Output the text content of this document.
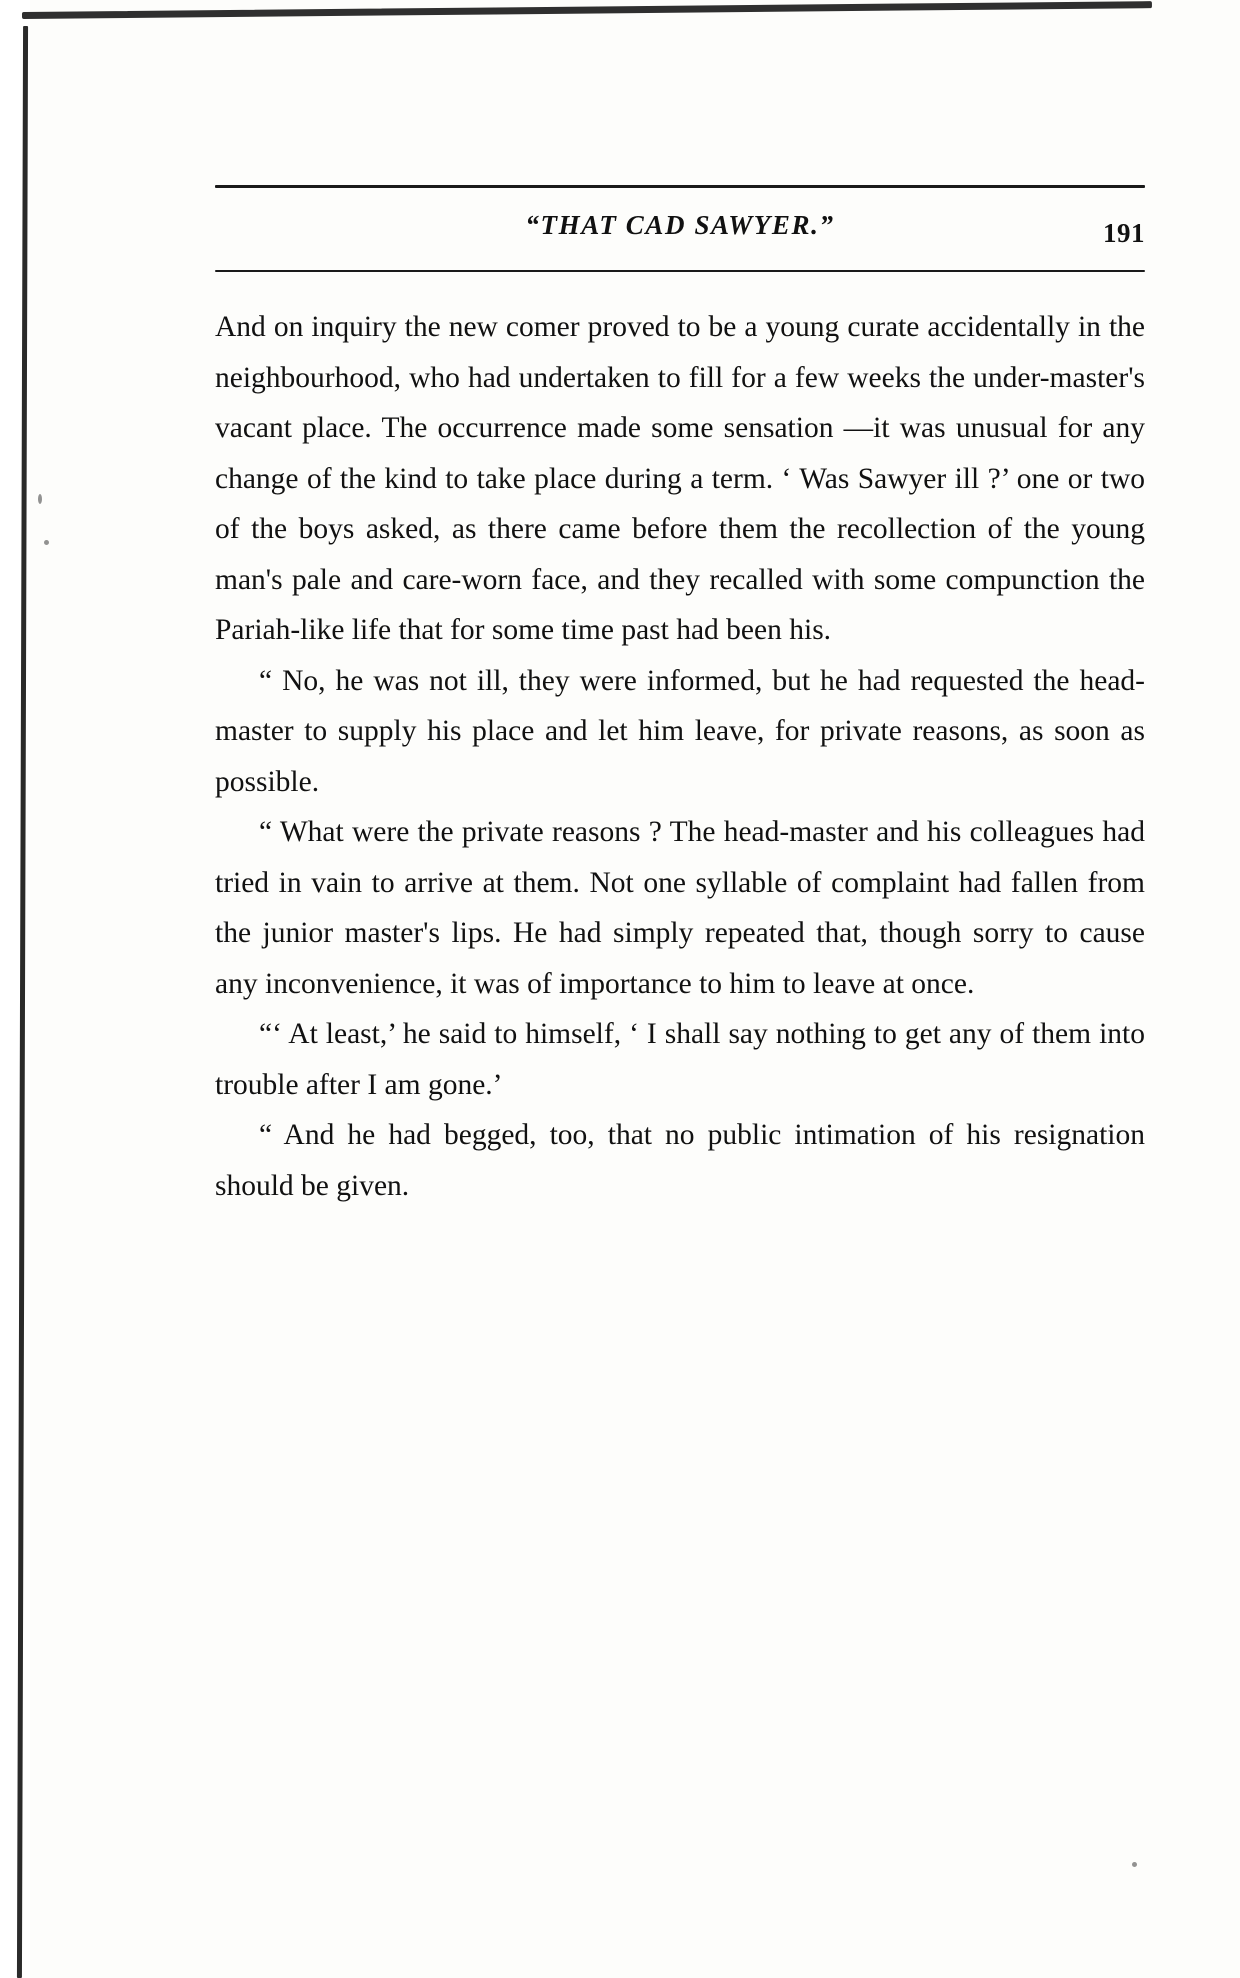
“THAT CAD SAWYER.”	191

And on inquiry the new comer proved to be a young curate accidentally in the neighbourhood, who had undertaken to fill for a few weeks the under-master's vacant place. The occurrence made some sensation —it was unusual for any change of the kind to take place during a term. ‘ Was Sawyer ill ?’ one or two of the boys asked, as there came before them the recollection of the young man's pale and care-worn face, and they recalled with some compunction the Pariah-like life that for some time past had been his.

“ No, he was not ill, they were informed, but he had requested the head-master to supply his place and let him leave, for private reasons, as soon as possible.

“ What were the private reasons ? The head-master and his colleagues had tried in vain to arrive at them. Not one syllable of complaint had fallen from the junior master's lips. He had simply repeated that, though sorry to cause any inconvenience, it was of importance to him to leave at once.

“‘ At least,’ he said to himself, ‘ I shall say nothing to get any of them into trouble after I am gone.’

“ And he had begged, too, that no public intimation of his resignation should be given.
